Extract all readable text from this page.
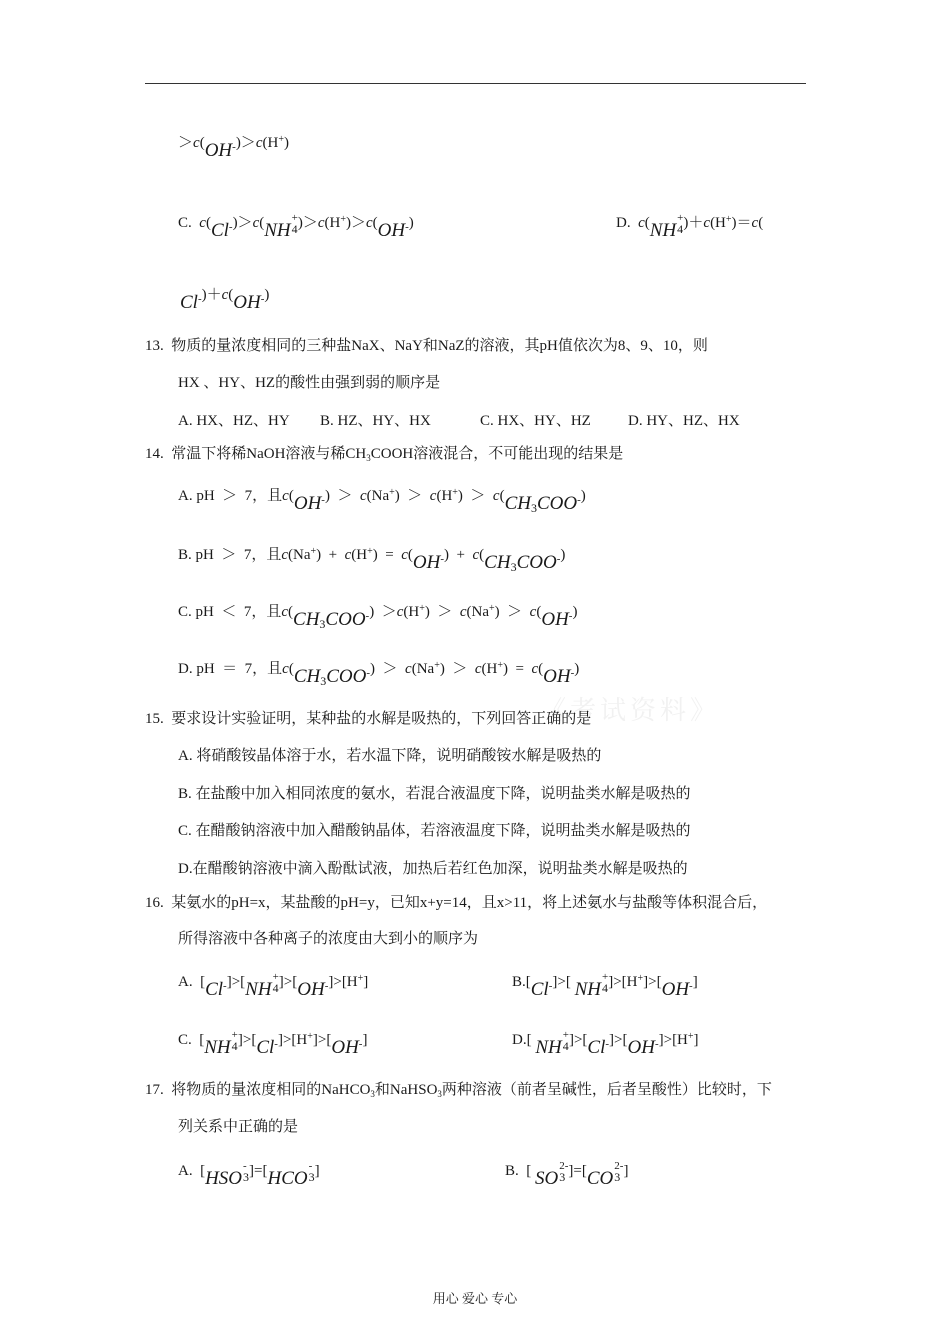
《考试资料》
＞c(OH-)＞c(H+)
C.  c(Cl-)＞c(NH
+
4 )＞c(H+)＞c(OH-)	D.  c(NH
+
4 )＋c(H+)＝c(
Cl-)＋c(OH-)
13. 物质的量浓度相同的三种盐NaX、NaY和NaZ的溶液，其pH值依次为8、9、10，则
HX 、HY、HZ的酸性由强到弱的顺序是
A. HX、HZ、HY B. HZ、HY、HX	C. HX、HY、HZ D. HY、HZ、HX
14.  常温下将稀NaOH溶液与稀$CH_3COOH$溶液混合，不可能出现的结果是
A. pH  ＞  7，且$c(OH^-) > c(Na^+) > c(H^+) > c(CH_3COO^-)$
B. pH  ＞  7，且$c(Na^+) + c(H^+) = c(OH^-) + c(CH_3COO^-)$
C. pH  ＜  7，且$c(CH_3COO^-) >c(H^+) > c(Na^+) > c(OH^-)$
D. pH  ＝  7，且$c(CH_3COO^-) > c(Na^+) > c(H^+) = c(OH^-)$
15. 要求设计实验证明，某种盐的水解是吸热的，下列回答正确的是
A. 将硝酸铵晶体溶于水，若水温下降，说明硝酸铵水解是吸热的
B. 在盐酸中加入相同浓度的氨水，若混合液温度下降，说明盐类水解是吸热的
C. 在醋酸钠溶液中加入醋酸钠晶体，若溶液温度下降，说明盐类水解是吸热的
D.在醋酸钠溶液中滴入酚酞试液，加热后若红色加深，说明盐类水解是吸热的
16. 某氨水的pH=x，某盐酸的pH=y，已知x+y=14，且x>11，将上述氨水与盐酸等体积混合后，
所得溶液中各种离子的浓度由大到小的顺序为
A.  [Cl-]>[NH
+
4 ]>[OH-]>[H+]	B.[Cl-]>[ NH
+
4 ]>[H+]>[OH-]
C.  [NH
+
4 ]>[Cl-]>[H+]>[OH-]	D.[ NH
+
4 ]>[Cl-]>[OH-]>[H+]
17.  将物质的量浓度相同的NaHCO$_3$和NaHSO$_3$两种溶液（前者呈碱性，后者呈酸性）比较时，下
列关系中正确的是
A.  [HSO
-
3 ]=[HCO
-
3 ]	B.  [ SO
2-
3 ]=[CO
2-
3 ]
用心 爱心 专心
